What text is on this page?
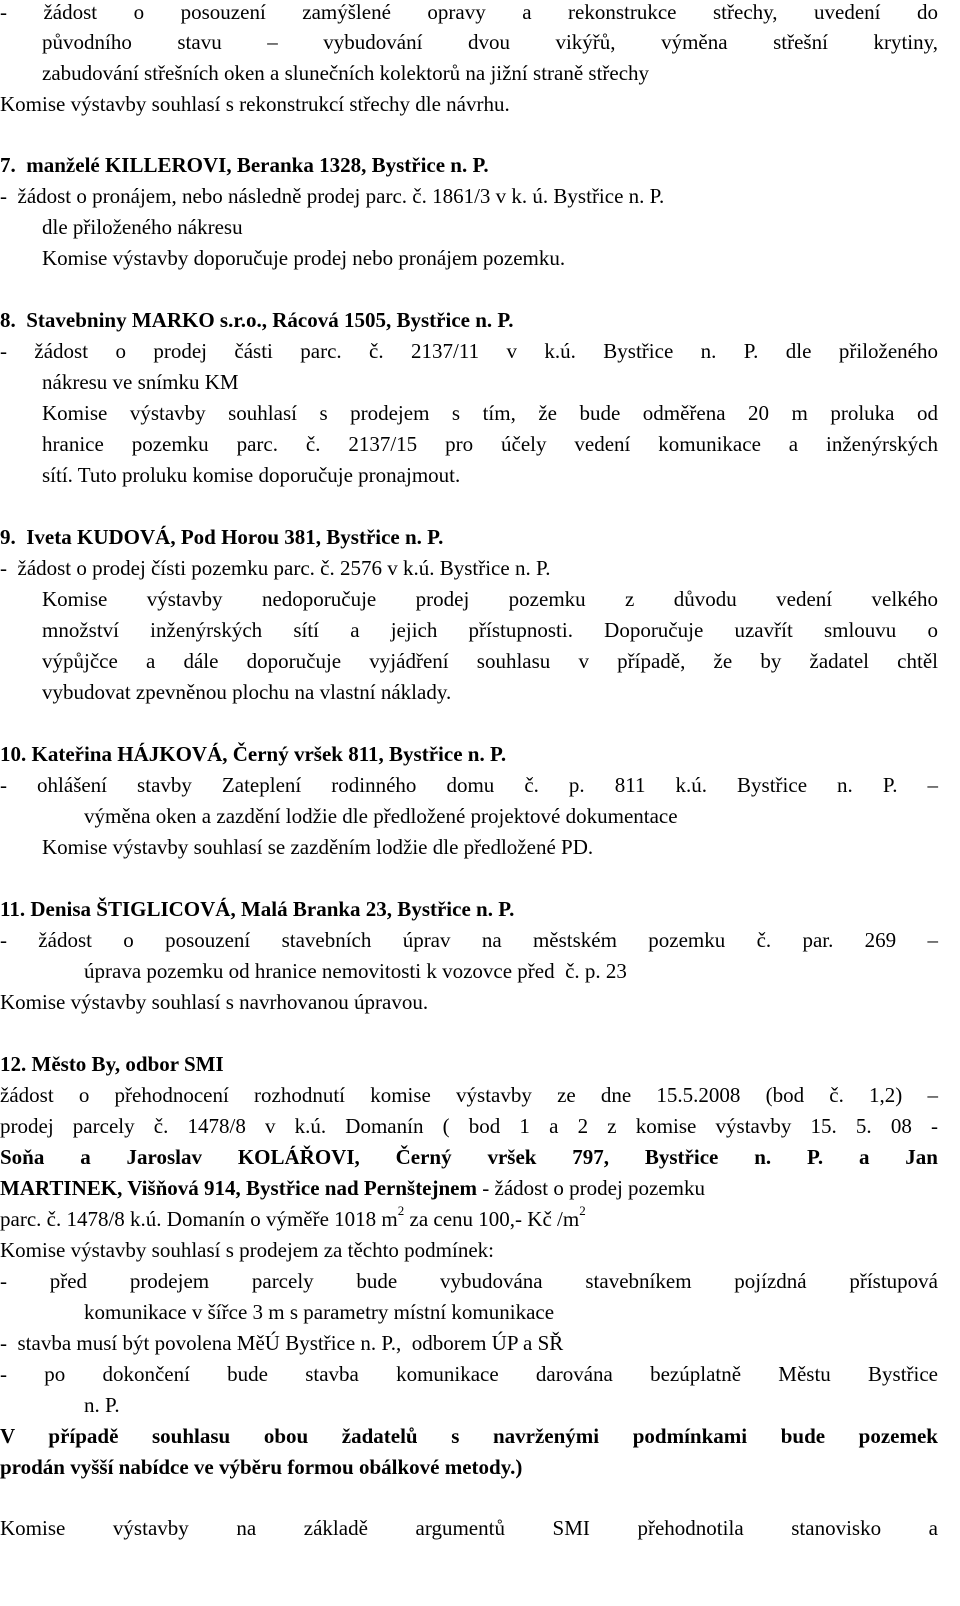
- žádost o posouzení zamýšlené opravy a rekonstrukce střechy, uvedení do
původního stavu – vybudování dvou vikýřů, výměna střešní krytiny,
zabudování střešních oken a slunečních kolektorů na jižní straně střechy
Komise výstavby souhlasí s rekonstrukcí střechy dle návrhu.
7.  manželé KILLEROVI, Beranka 1328, Bystřice n. P.
-  žádost o pronájem, nebo následně prodej parc. č. 1861/3 v k. ú. Bystřice n. P.
dle přiloženého nákresu
Komise výstavby doporučuje prodej nebo pronájem pozemku.
8.  Stavebniny MARKO s.r.o., Rácová 1505, Bystřice n. P.
- žádost o prodej části parc. č. 2137/11 v k.ú. Bystřice n. P. dle přiloženého
nákresu ve snímku KM
Komise výstavby souhlasí s prodejem s tím, že bude odměřena 20 m proluka od
hranice pozemku parc. č. 2137/15 pro účely vedení komunikace a inženýrských
sítí. Tuto proluku komise doporučuje pronajmout.
9.  Iveta KUDOVÁ, Pod Horou 381, Bystřice n. P.
-  žádost o prodej čísti pozemku parc. č. 2576 v k.ú. Bystřice n. P.
Komise výstavby nedoporučuje prodej pozemku z důvodu vedení velkého
množství inženýrských sítí a jejich přístupnosti. Doporučuje uzavřít smlouvu o
výpůjčce a dále doporučuje vyjádření souhlasu v případě, že by žadatel chtěl
vybudovat zpevněnou plochu na vlastní náklady.
10. Kateřina HÁJKOVÁ, Černý vršek 811, Bystřice n. P.
- ohlášení stavby Zateplení rodinného domu č. p. 811 k.ú. Bystřice n. P. –
výměna oken a zazdění lodžie dle předložené projektové dokumentace
Komise výstavby souhlasí se zazděním lodžie dle předložené PD.
11. Denisa ŠTIGLICOVÁ, Malá Branka 23, Bystřice n. P.
- žádost o posouzení stavebních úprav na městském pozemku č. par. 269 –
úprava pozemku od hranice nemovitosti k vozovce před  č. p. 23
Komise výstavby souhlasí s navrhovanou úpravou.
12. Město By, odbor SMI
žádost o přehodnocení rozhodnutí komise výstavby ze dne 15.5.2008 (bod č. 1,2) –
prodej parcely č. 1478/8 v k.ú. Domanín ( bod 1 a 2 z komise výstavby 15. 5. 08 -
Soňa a Jaroslav KOLÁŘOVI, Černý vršek 797, Bystřice n. P. a Jan
MARTINEK, Višňová 914, Bystřice nad Pernštejnem - žádost o prodej pozemku
parc. č. 1478/8 k.ú. Domanín o výměře 1018 $m^2$ za cenu 100,- Kč $/m^2$
Komise výstavby souhlasí s prodejem za těchto podmínek:
- před prodejem parcely bude vybudována stavebníkem pojízdná přístupová
komunikace v šířce 3 m s parametry místní komunikace
-  stavba musí být povolena MěÚ Bystřice n. P.,  odborem ÚP a SŘ
- po dokončení bude stavba komunikace darována bezúplatně Městu Bystřice
n. P.
V případě souhlasu obou žadatelů s navrženými podmínkami bude pozemek
prodán vyšší nabídce ve výběru formou obálkové metody.)
Komise výstavby na základě argumentů SMI přehodnotila stanovisko a
